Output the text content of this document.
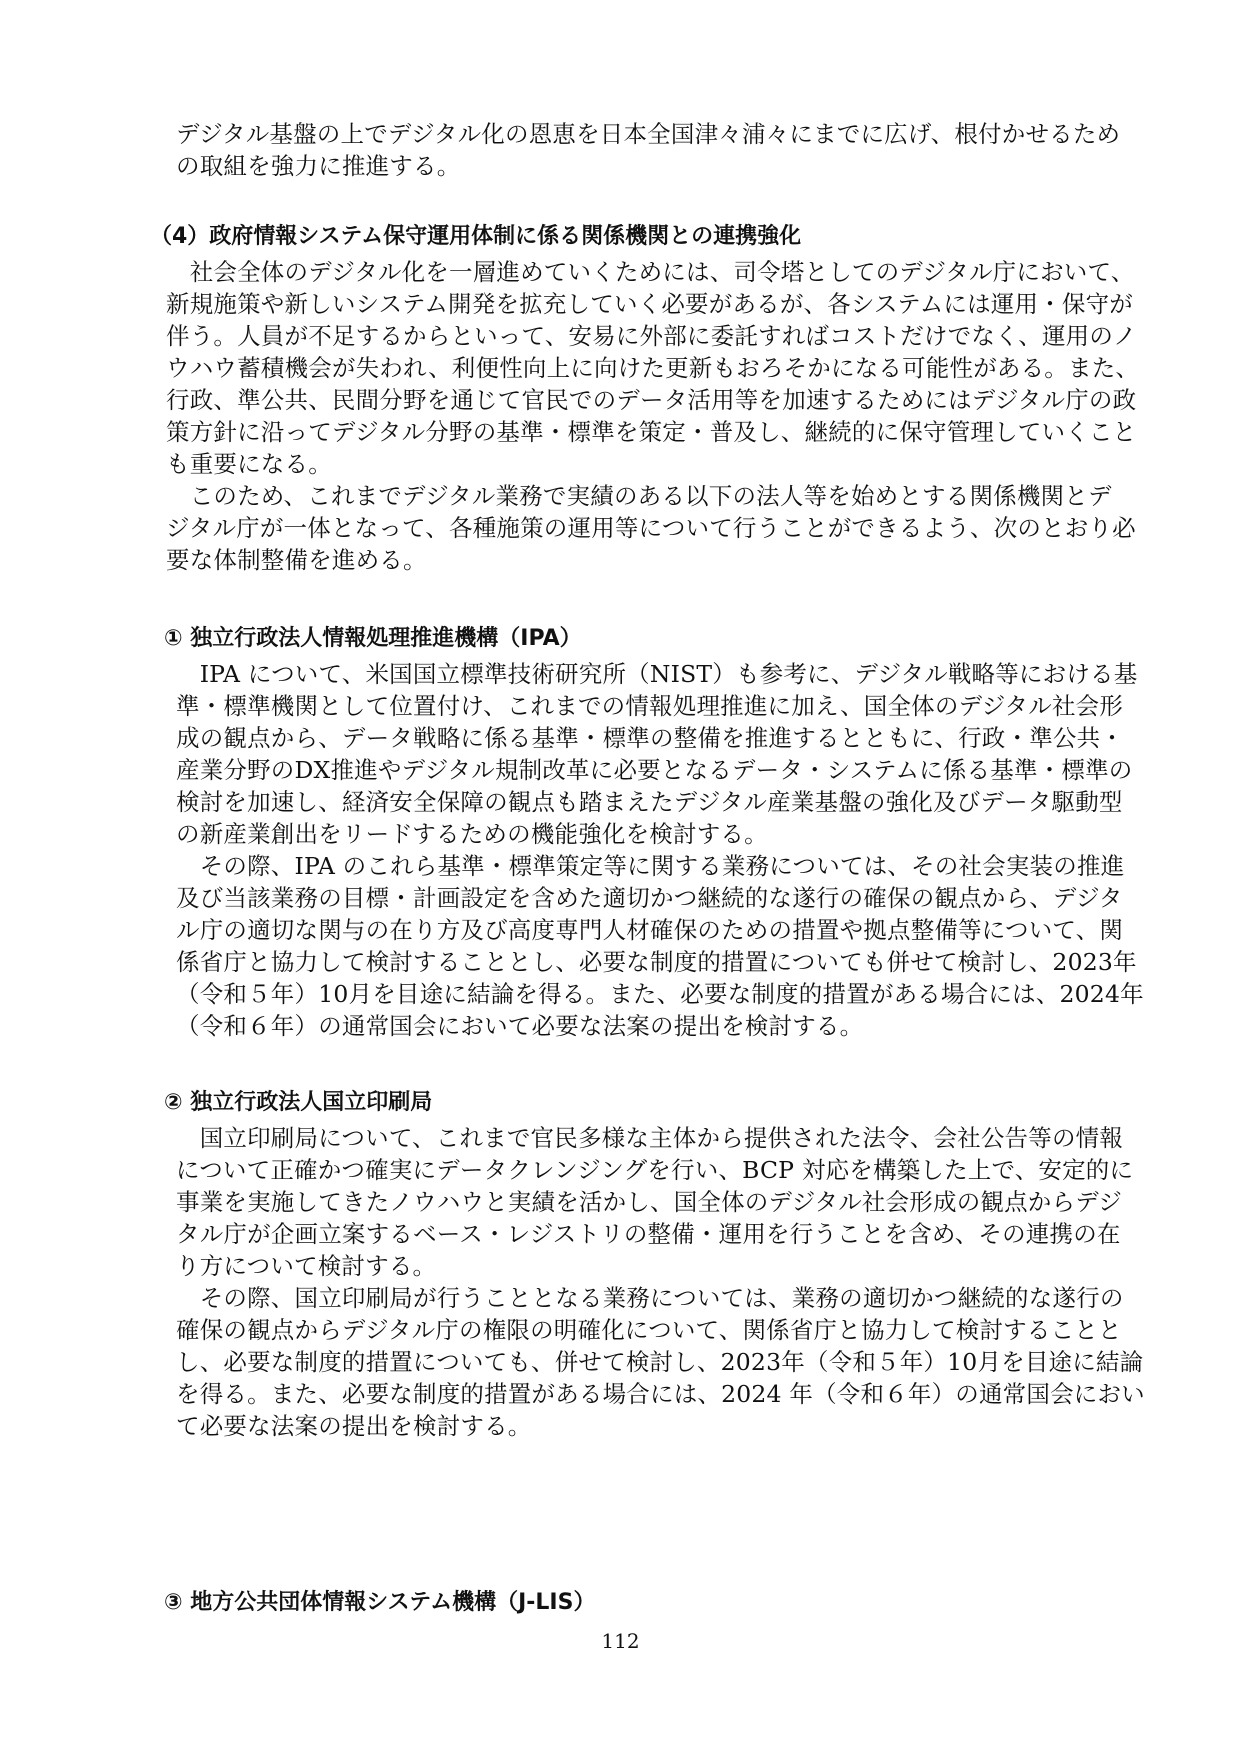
デジタル基盤の上でデジタル化の恩恵を日本全国津々浦々にまでに広げ、根付かせるため
の取組を強力に推進する。
（4）政府情報システム保守運用体制に係る関係機関との連携強化
　社会全体のデジタル化を一層進めていくためには、司令塔としてのデジタル庁において、
新規施策や新しいシステム開発を拡充していく必要があるが、各システムには運用・保守が
伴う。人員が不足するからといって、安易に外部に委託すればコストだけでなく、運用のノ
ウハウ蓄積機会が失われ、利便性向上に向けた更新もおろそかになる可能性がある。また、
行政、準公共、民間分野を通じて官民でのデータ活用等を加速するためにはデジタル庁の政
策方針に沿ってデジタル分野の基準・標準を策定・普及し、継続的に保守管理していくこと
も重要になる。
　このため、これまでデジタル業務で実績のある以下の法人等を始めとする関係機関とデ
ジタル庁が一体となって、各種施策の運用等について行うことができるよう、次のとおり必
要な体制整備を進める。
① 独立行政法人情報処理推進機構（IPA）
　IPA について、米国国立標準技術研究所（NIST）も参考に、デジタル戦略等における基
準・標準機関として位置付け、これまでの情報処理推進に加え、国全体のデジタル社会形
成の観点から、データ戦略に係る基準・標準の整備を推進するとともに、行政・準公共・
産業分野のDX推進やデジタル規制改革に必要となるデータ・システムに係る基準・標準の
検討を加速し、経済安全保障の観点も踏まえたデジタル産業基盤の強化及びデータ駆動型
の新産業創出をリードするための機能強化を検討する。
　その際、IPA のこれら基準・標準策定等に関する業務については、その社会実装の推進
及び当該業務の目標・計画設定を含めた適切かつ継続的な遂行の確保の観点から、デジタ
ル庁の適切な関与の在り方及び高度専門人材確保のための措置や拠点整備等について、関
係省庁と協力して検討することとし、必要な制度的措置についても併せて検討し、2023年
（令和５年）10月を目途に結論を得る。また、必要な制度的措置がある場合には、2024年
（令和６年）の通常国会において必要な法案の提出を検討する。
② 独立行政法人国立印刷局
　国立印刷局について、これまで官民多様な主体から提供された法令、会社公告等の情報
について正確かつ確実にデータクレンジングを行い、BCP 対応を構築した上で、安定的に
事業を実施してきたノウハウと実績を活かし、国全体のデジタル社会形成の観点からデジ
タル庁が企画立案するベース・レジストリの整備・運用を行うことを含め、その連携の在
り方について検討する。
　その際、国立印刷局が行うこととなる業務については、業務の適切かつ継続的な遂行の
確保の観点からデジタル庁の権限の明確化について、関係省庁と協力して検討することと
し、必要な制度的措置についても、併せて検討し、2023年（令和５年）10月を目途に結論
を得る。また、必要な制度的措置がある場合には、2024 年（令和６年）の通常国会におい
て必要な法案の提出を検討する。
③ 地方公共団体情報システム機構（J-LIS）
112
